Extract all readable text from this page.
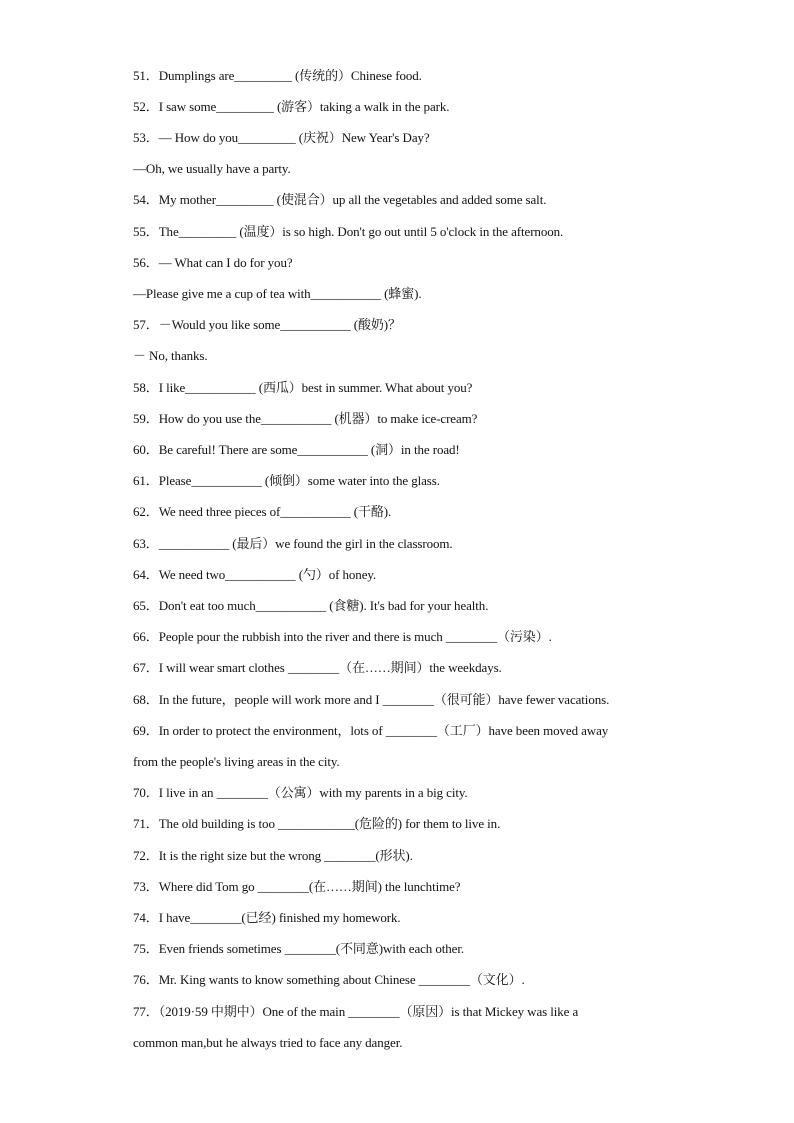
51．Dumplings are_________ (传统的）Chinese food.
52．I saw some_________ (游客）taking a walk in the park.
53．— How do you_________ (庆祝）New Year's Day?
—Oh, we usually have a party.
54．My mother_________ (使混合）up all the vegetables and added some salt.
55．The_________ (温度）is so high. Don't go out until 5 o'clock in the afternoon.
56．— What can I do for you?
—Please give me a cup of tea with___________ (蜂蜜).
57．－Would you like some___________ (酸奶)？
－ No, thanks.
58．I like___________ (西瓜）best in summer. What about you?
59．How do you use the___________ (机器）to make ice-cream?
60．Be careful! There are some___________ (洞）in the road!
61．Please___________ (倾倒）some water into the glass.
62．We need three pieces of___________ (干酪).
63．___________ (最后）we found the girl in the classroom.
64．We need two___________ (勺）of honey.
65．Don't eat too much___________ (食糖). It's bad for your health.
66．People pour the rubbish into the river and there is much ________（污染）.
67．I will wear smart clothes ________（在……期间）the weekdays.
68．In the future，people will work more and I ________（很可能）have fewer vacations.
69．In order to protect the environment，lots of ________（工厂）have been moved away
from the people's living areas in the city.
70．I live in an ________（公寓）with my parents in a big city.
71．The old building is too ____________(危险的) for them to live in.
72．It is the right size but the wrong ________(形状).
73．Where did Tom go ________(在……期间) the lunchtime?
74．I have________(已经) finished my homework.
75．Even friends sometimes ________(不同意)with each other.
76．Mr. King wants to know something about Chinese ________（文化）.
77．（2019·59 中期中）One of the main ________（原因）is that Mickey was like a
common man,but he always tried to face any danger.
